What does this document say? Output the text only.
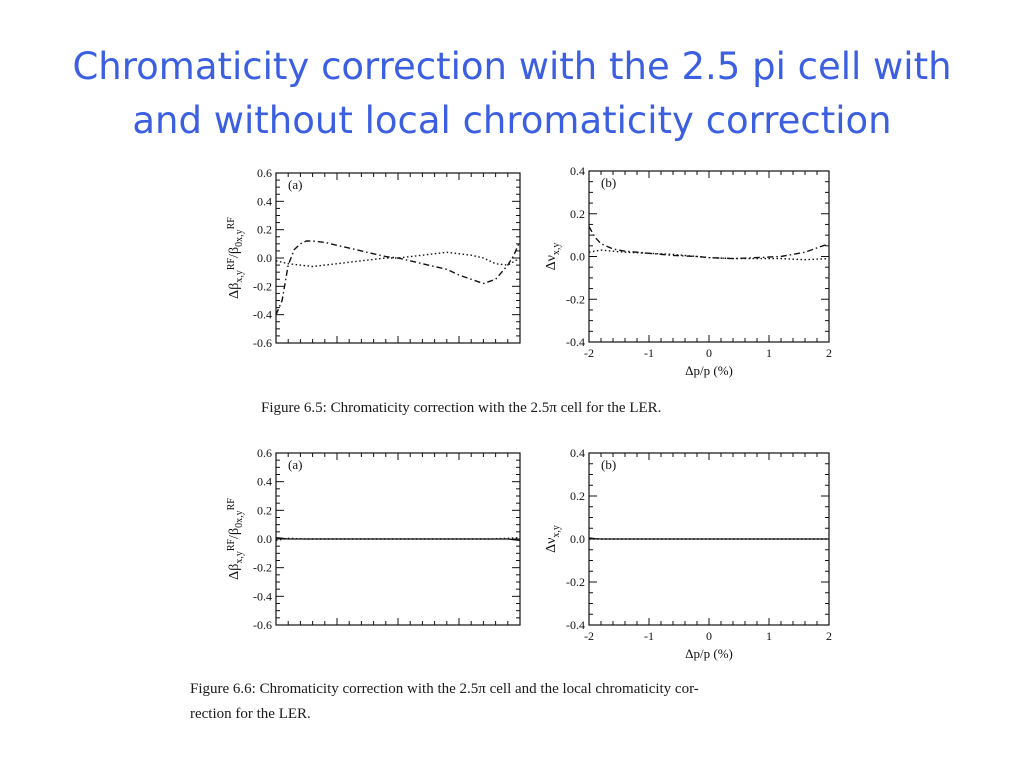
Chromaticity correction with the 2.5 pi cell with
and without local chromaticity correction
0.6
0.4
0.2
0.0
-0.2
-0.4
-0.6
Δβx,yRF/β0x,yRF
(a)
0.4
0.2
0.0
-0.2
-0.4
-2	-1	0	1	2
Δp/p (%)
Δνx,y
(b)
0.6
0.4
0.2
0.0
-0.2
-0.4
-0.6
Δβx,yRF/β0x,yRF
(a)
0.4
0.2
0.0
-0.2
-0.4
-2	-1	0	1	2
Δp/p (%)
Δνx,y
(b)
Figure 6.5: Chromaticity correction with the 2.5π cell for the LER.
Figure 6.6: Chromaticity correction with the 2.5π cell and the local chromaticity cor-
rection for the LER.
